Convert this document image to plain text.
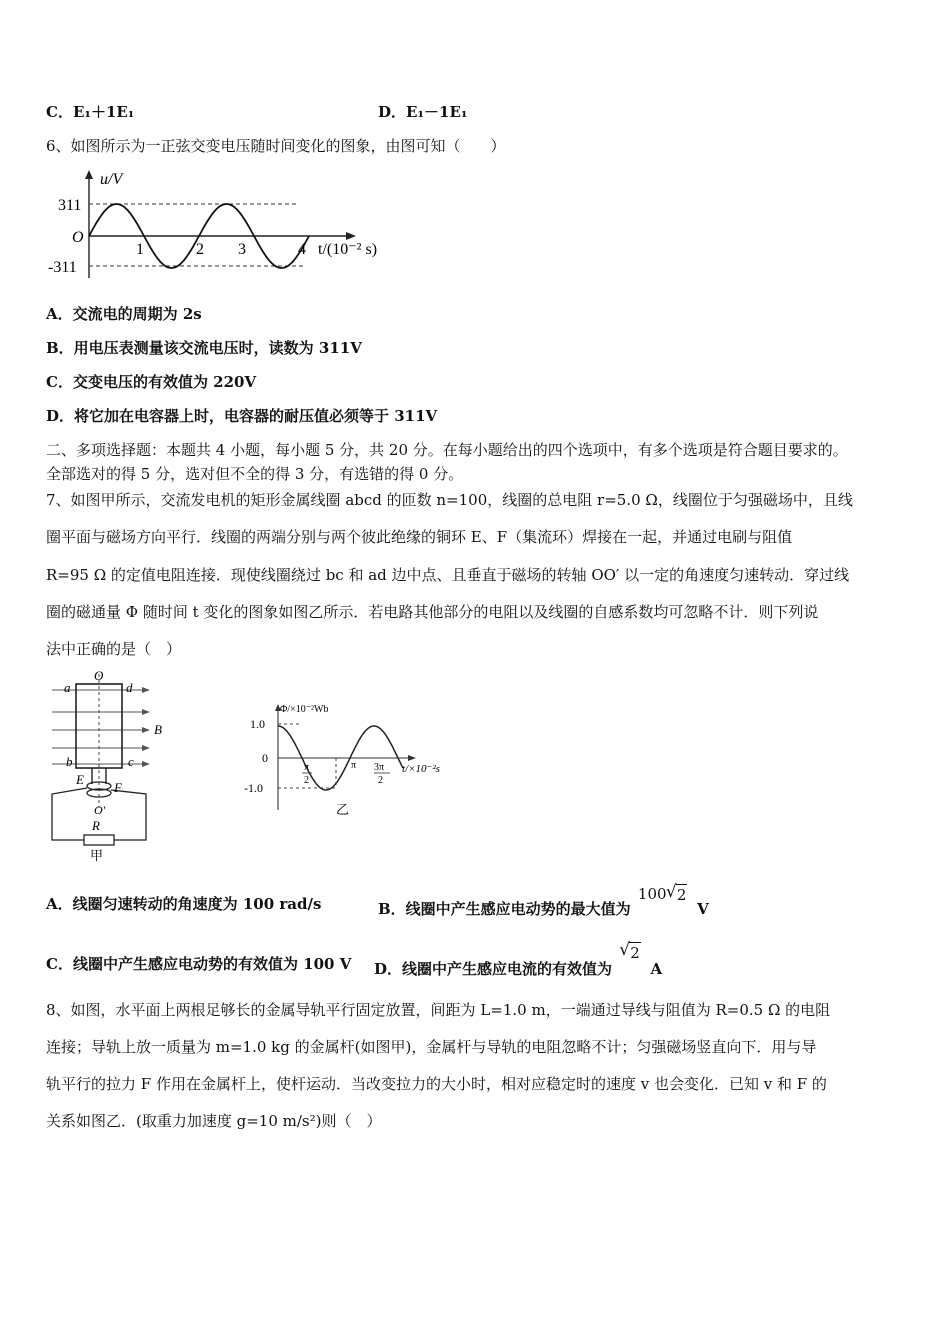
C．E₁＋1E₁	D．E₁－1E₁
6、如图所示为一正弦交变电压随时间变化的图象，由图可知（　　）
u/V
311
O
-311
1	2 3	4 t/(10⁻² s)
A．交流电的周期为 2s
B．用电压表测量该交流电压时，读数为 311V
C．交变电压的有效值为 220V
D．将它加在电容器上时，电容器的耐压值必须等于 311V
二、多项选择题：本题共 4 小题，每小题 5 分，共 20 分。在每小题给出的四个选项中，有多个选项是符合题目要求的。
全部选对的得 5 分，选对但不全的得 3 分，有选错的得 0 分。
7、如图甲所示，交流发电机的矩形金属线圈 abcd 的匝数 n=100，线圈的总电阻 r=5.0 Ω，线圈位于匀强磁场中，且线
圈平面与磁场方向平行．线圈的两端分别与两个彼此绝缘的铜环 E、F（集流环）焊接在一起，并通过电刷与阻值
R=95 Ω 的定值电阻连接．现使线圈绕过 bc 和 ad 边中点、且垂直于磁场的转轴 OO′ 以一定的角速度匀速转动．穿过线
圈的磁通量 Φ 随时间 t 变化的图象如图乙所示．若电路其他部分的电阻以及线圈的自感系数均可忽略不计．则下列说
法中正确的是（　）
a
O
d
B
b	c
E
F
O′
R
甲
Φ/×10⁻²Wb
1.0
0
-1.0
π
2
π 3π
2
t/×10⁻²s
乙
A．线圈匀速转动的角速度为 100 rad/s	B．线圈中产生感应电动势的最大值为
100 √ 2
V
C．线圈中产生感应电动势的有效值为 100 V D．线圈中产生感应电流的有效值为
√ 2
A
8、如图，水平面上两根足够长的金属导轨平行固定放置，间距为 L=1.0 m，一端通过导线与阻值为 R=0.5 Ω 的电阻
连接；导轨上放一质量为 m=1.0 kg 的金属杆(如图甲)，金属杆与导轨的电阻忽略不计；匀强磁场竖直向下．用与导
轨平行的拉力 F 作用在金属杆上，使杆运动．当改变拉力的大小时，相对应稳定时的速度 v 也会变化．已知 v 和 F 的
关系如图乙．(取重力加速度 g=10 m/s²)则（　）
